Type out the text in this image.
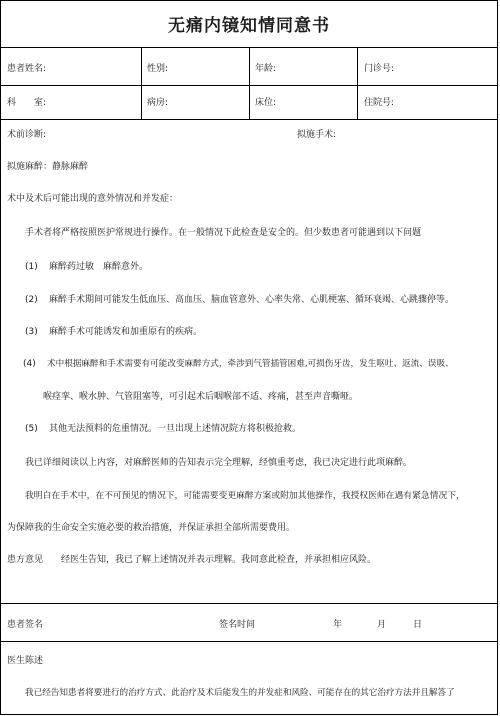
无痛内镜知情同意书
患者姓名:	性别:	年龄:	门诊号:
科　　室:	病房:	床位:	住院号:
术前诊断:	拟施手术:
拟施麻醉：静脉麻醉
术中及术后可能出现的意外情况和并发症：
手术者将严格按照医护常规进行操作。在一般情况下此检查是安全的。但少数患者可能遇到以下问题
(1) 麻醉药过敏　麻醉意外。
(2) 麻醉手术期间可能发生低血压、高血压、脑血管意外、心率失常、心肌梗塞、循环衰竭、心跳骤停等。
(3) 麻醉手术可能诱发和加重原有的疾病。
(4) 术中根据麻醉和手术需要有可能改变麻醉方式，牵涉到气管插管困难,可损伤牙齿，发生呕吐、返流、误吸、
喉痉挛、喉水肿、气管阻塞等，可引起术后咽喉部不适、疼痛，甚至声音嘶哑。
(5) 其他无法预料的危重情况。一旦出现上述情况院方将积极抢救。
我已详细阅读以上内容，对麻醉医师的告知表示完全理解，经慎重考虑，我已决定进行此项麻醉。
我明白在手术中，在不可预见的情况下，可能需要变更麻醉方案或附加其他操作，我授权医师在遇有紧急情况下，
为保障我的生命安全实施必要的救治措施，并保证承担全部所需要费用。
患方意见　　经医生告知，我已了解上述情况并表示理解。我同意此检查，并承担相应风险。
患者签名	签名时间	年	月	日
医生陈述
我已经告知患者将要进行的治疗方式、此治疗及术后能发生的并发症和风险、可能存在的其它治疗方法并且解答了
